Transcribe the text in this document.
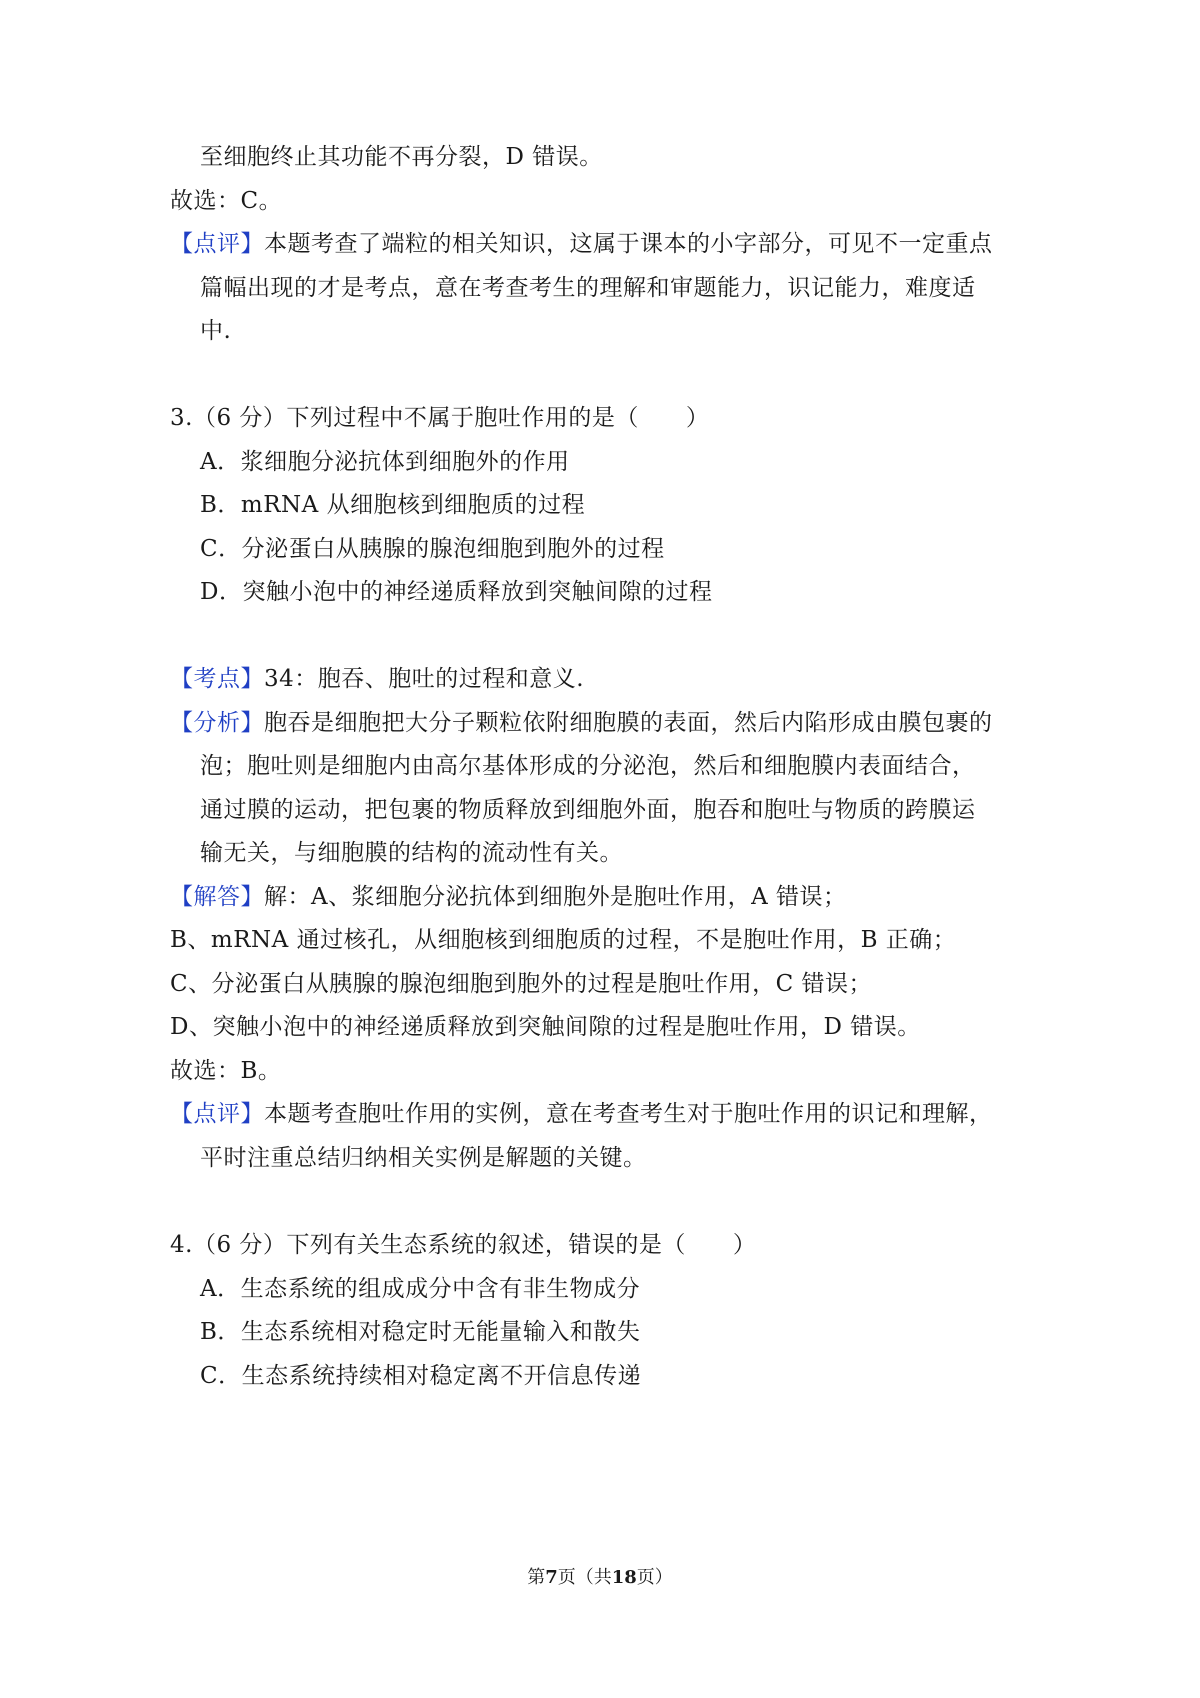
至细胞终止其功能不再分裂，D 错误。
故选：C。
【点评】本题考查了端粒的相关知识，这属于课本的小字部分，可见不一定重点
篇幅出现的才是考点，意在考查考生的理解和审题能力，识记能力，难度适
中.
3.（6 分）下列过程中不属于胞吐作用的是（　　）
A．浆细胞分泌抗体到细胞外的作用
B．mRNA 从细胞核到细胞质的过程
C．分泌蛋白从胰腺的腺泡细胞到胞外的过程
D．突触小泡中的神经递质释放到突触间隙的过程
【考点】34：胞吞、胞吐的过程和意义.
【分析】胞吞是细胞把大分子颗粒依附细胞膜的表面，然后内陷形成由膜包裹的
泡；胞吐则是细胞内由高尔基体形成的分泌泡，然后和细胞膜内表面结合，
通过膜的运动，把包裹的物质释放到细胞外面，胞吞和胞吐与物质的跨膜运
输无关，与细胞膜的结构的流动性有关。
【解答】解：A、浆细胞分泌抗体到细胞外是胞吐作用，A 错误；
B、mRNA 通过核孔，从细胞核到细胞质的过程，不是胞吐作用，B 正确；
C、分泌蛋白从胰腺的腺泡细胞到胞外的过程是胞吐作用，C 错误；
D、突触小泡中的神经递质释放到突触间隙的过程是胞吐作用，D 错误。
故选：B。
【点评】本题考查胞吐作用的实例，意在考查考生对于胞吐作用的识记和理解，
平时注重总结归纳相关实例是解题的关键。
4.（6 分）下列有关生态系统的叙述，错误的是（　　）
A．生态系统的组成成分中含有非生物成分
B．生态系统相对稳定时无能量输入和散失
C．生态系统持续相对稳定离不开信息传递
第7页（共18页）
